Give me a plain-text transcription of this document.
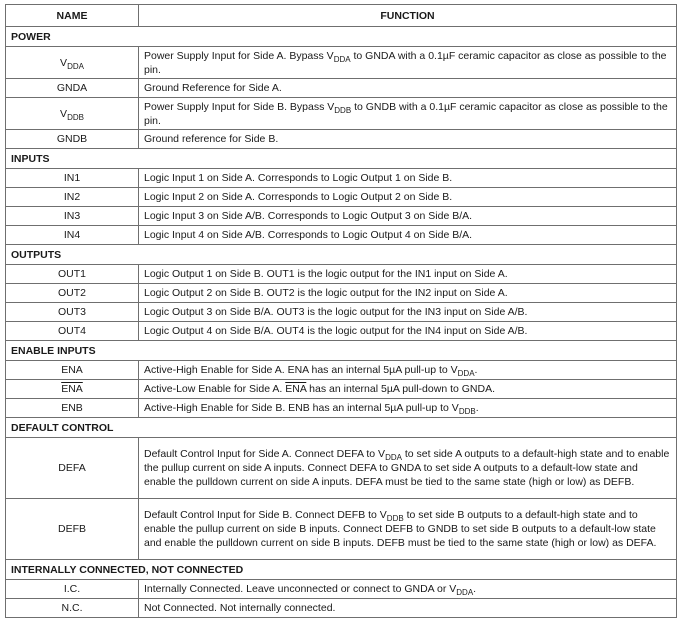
NAME	FUNCTION
POWER	
$V_{DDA}$	Power Supply Input for Side A. Bypass $V_{DDA}$ to GNDA with a 0.1µF ceramic capacitor as close as possible to the pin.
GNDA	Ground Reference for Side A.
$V_{DDB}$	Power Supply Input for Side B. Bypass $V_{DDB}$ to GNDB with a 0.1µF ceramic capacitor as close as possible to the pin.
GNDB	Ground reference for Side B.
INPUTS	
IN1	Logic Input 1 on Side A. Corresponds to Logic Output 1 on Side B.
IN2	Logic Input 2 on Side A. Corresponds to Logic Output 2 on Side B.
IN3	Logic Input 3 on Side A/B. Corresponds to Logic Output 3 on Side B/A.
IN4	Logic Input 4 on Side A/B. Corresponds to Logic Output 4 on Side B/A.
OUTPUTS	
OUT1	Logic Output 1 on Side B. OUT1 is the logic output for the IN1 input on Side A.
OUT2	Logic Output 2 on Side B. OUT2 is the logic output for the IN2 input on Side A.
OUT3	Logic Output 3 on Side B/A. OUT3 is the logic output for the IN3 input on Side A/B.
OUT4	Logic Output 4 on Side B/A. OUT4 is the logic output for the IN4 input on Side A/B.
ENABLE INPUTS	
ENA	Active-High Enable for Side A. ENA has an internal 5µA pull-up to $V_{DDA}$.
$\overline{ENA}$	Active-Low Enable for Side A. $\overline{ENA}$ has an internal 5µA pull-down to GNDA.
ENB	Active-High Enable for Side B. ENB has an internal 5µA pull-up to $V_{DDB}$.
DEFAULT CONTROL	
DEFA	Default Control Input for Side A. Connect DEFA to $V_{DDA}$ to set side A outputs to a default-high state and to enable the pullup current on side A inputs. Connect DEFA to GNDA to set side A outputs to a default-low state and enable the pulldown current on side A inputs. DEFA must be tied to the same state (high or low) as DEFB.
DEFB	Default Control Input for Side B. Connect DEFB to $V_{DDB}$ to set side B outputs to a default-high state and to enable the pullup current on side B inputs. Connect DEFB to GNDB to set side B outputs to a default-low state and enable the pulldown current on side B inputs. DEFB must be tied to the same state (high or low) as DEFA.
INTERNALLY CONNECTED, NOT CONNECTED	
I.C.	Internally Connected. Leave unconnected or connect to GNDA or $V_{DDA}$.
N.C.	Not Connected. Not internally connected.
